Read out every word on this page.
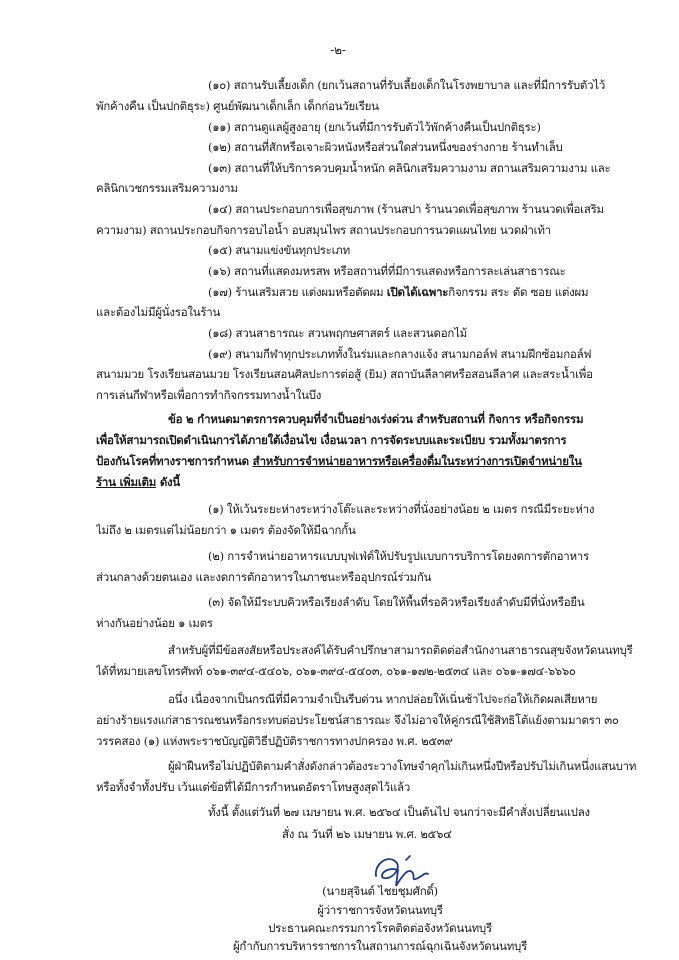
-๒-
(๑๐) สถานรับเลี้ยงเด็ก (ยกเว้นสถานที่รับเลี้ยงเด็กในโรงพยาบาล และที่มีการรับตัวไว้
พักค้างคืน เป็นปกติธุระ) ศูนย์พัฒนาเด็กเล็ก เด็กก่อนวัยเรียน
(๑๑) สถานดูแลผู้สูงอายุ (ยกเว้นที่มีการรับตัวไว้พักค้างคืนเป็นปกติธุระ)
(๑๒) สถานที่สักหรือเจาะผิวหนังหรือส่วนใดส่วนหนึ่งของร่างกาย ร้านทำเล็บ
(๑๓) สถานที่ให้บริการควบคุมน้ำหนัก คลินิกเสริมความงาม สถานเสริมความงาม และ
คลินิกเวชกรรมเสริมความงาม
(๑๔) สถานประกอบการเพื่อสุขภาพ (ร้านสปา ร้านนวดเพื่อสุขภาพ ร้านนวดเพื่อเสริม
ความงาม) สถานประกอบกิจการอบไอน้ำ อบสมุนไพร สถานประกอบการนวดแผนไทย นวดฝ่าเท้า
(๑๕) สนามแข่งขันทุกประเภท
(๑๖) สถานที่แสดงมหรสพ หรือสถานที่ที่มีการแสดงหรือการละเล่นสาธารณะ
(๑๗) ร้านเสริมสวย แต่งผมหรือตัดผม เปิดได้เฉพาะกิจกรรม สระ ตัด ซอย แต่งผม
และต้องไม่มีผู้นั่งรอในร้าน
(๑๘) สวนสาธารณะ สวนพฤกษศาสตร์ และสวนดอกไม้
(๑๙) สนามกีฬาทุกประเภททั้งในร่มและกลางแจ้ง สนามกอล์ฟ สนามฝึกซ้อมกอล์ฟ
สนามมวย โรงเรียนสอนมวย โรงเรียนสอนศิลปะการต่อสู้ (ยิม) สถาบันลีลาศหรือสอนลีลาศ และสระน้ำเพื่อ
การเล่นกีฬาหรือเพื่อการทำกิจกรรมทางน้ำในบึง
ข้อ ๒ กำหนดมาตรการควบคุมที่จำเป็นอย่างเร่งด่วน สำหรับสถานที่ กิจการ หรือกิจกรรม
เพื่อให้สามารถเปิดดำเนินการได้ภายใต้เงื่อนไข เงื่อนเวลา การจัดระบบและระเบียบ รวมทั้งมาตรการ
ป้องกันโรคที่ทางราชการกำหนด สำหรับการจำหน่ายอาหารหรือเครื่องดื่มในระหว่างการเปิดจำหน่ายใน
ร้าน เพิ่มเติม ดังนี้
(๑) ให้เว้นระยะห่างระหว่างโต๊ะและระหว่างที่นั่งอย่างน้อย ๒ เมตร กรณีมีระยะห่าง
ไม่ถึง ๒ เมตรแต่ไม่น้อยกว่า ๑ เมตร ต้องจัดให้มีฉากกั้น
(๒) การจำหน่ายอาหารแบบบุฟเฟ่ต์ให้ปรับรูปแบบการบริการโดยงดการตักอาหาร
ส่วนกลางด้วยตนเอง และงดการตักอาหารในภาชนะหรืออุปกรณ์ร่วมกัน
(๓) จัดให้มีระบบคิวหรือเรียงลำดับ โดยให้พื้นที่รอคิวหรือเรียงลำดับมีที่นั่งหรือยืน
ห่างกันอย่างน้อย ๑ เมตร
สำหรับผู้ที่มีข้อสงสัยหรือประสงค์ได้รับคำปรึกษาสามารถติดต่อสำนักงานสาธารณสุขจังหวัดนนทบุรี
ได้ที่หมายเลขโทรศัพท์ ๐๖๑-๓๙๔-๕๔๐๖, ๐๖๑-๓๙๔-๕๔๐๓, ๐๖๑-๑๗๒-๒๕๓๔ และ ๐๖๑-๑๗๔-๖๖๖๐
อนึ่ง เนื่องจากเป็นกรณีที่มีความจำเป็นรีบด่วน หากปล่อยให้เนิ่นช้าไปจะก่อให้เกิดผลเสียหาย
อย่างร้ายแรงแก่สาธารณชนหรือกระทบต่อประโยชน์สาธารณะ จึงไม่อาจให้คู่กรณีใช้สิทธิโต้แย้งตามมาตรา ๓๐
วรรคสอง (๑) แห่งพระราชบัญญัติวิธีปฏิบัติราชการทางปกครอง พ.ศ. ๒๕๓๙
ผู้ฝ่าฝืนหรือไม่ปฏิบัติตามคำสั่งดังกล่าวต้องระวางโทษจำคุกไม่เกินหนึ่งปีหรือปรับไม่เกินหนึ่งแสนบาท
หรือทั้งจำทั้งปรับ เว้นแต่ข้อที่ได้มีการกำหนดอัตราโทษสูงสุดไว้แล้ว
ทั้งนี้ ตั้งแต่วันที่ ๒๗ เมษายน พ.ศ. ๒๕๖๔ เป็นต้นไป จนกว่าจะมีคำสั่งเปลี่ยนแปลง
สั่ง ณ วันที่ ๒๖ เมษายน พ.ศ. ๒๕๖๔
(นายสุจินต์ ไชยชุมศักดิ์)
ผู้ว่าราชการจังหวัดนนทบุรี
ประธานคณะกรรมการโรคติดต่อจังหวัดนนทบุรี
ผู้กำกับการบริหารราชการในสถานการณ์ฉุกเฉินจังหวัดนนทบุรี
